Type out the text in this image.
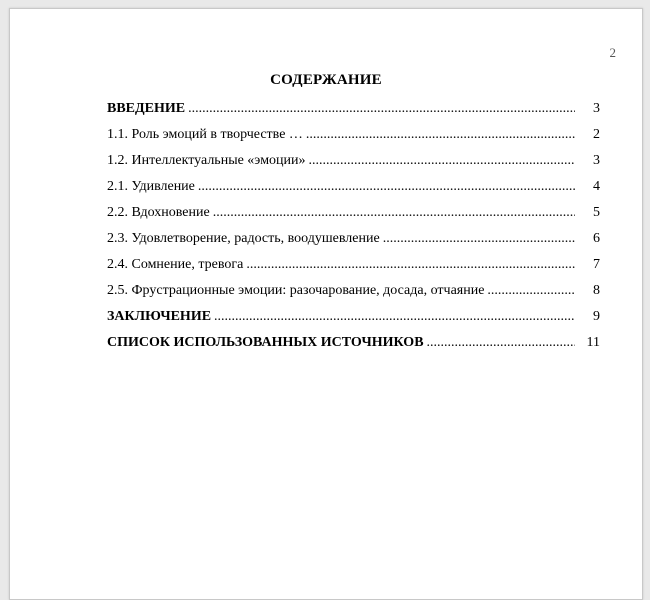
2
СОДЕРЖАНИЕ
ВВЕДЕНИЕ .....	3
1.1. Роль эмоций в творчестве … .....	2
1.2. Интеллектуальные «эмоции» .....	3
2.1. Удивление .....	4
2.2. Вдохновение .....	5
2.3. Удовлетворение, радость, воодушевление .....	6
2.4. Сомнение, тревога .....	7
2.5. Фрустрационные эмоции: разочарование, досада, отчаяние .....	8
ЗАКЛЮЧЕНИЕ .....	9
СПИСОК ИСПОЛЬЗОВАННЫХ ИСТОЧНИКОВ .....	11
